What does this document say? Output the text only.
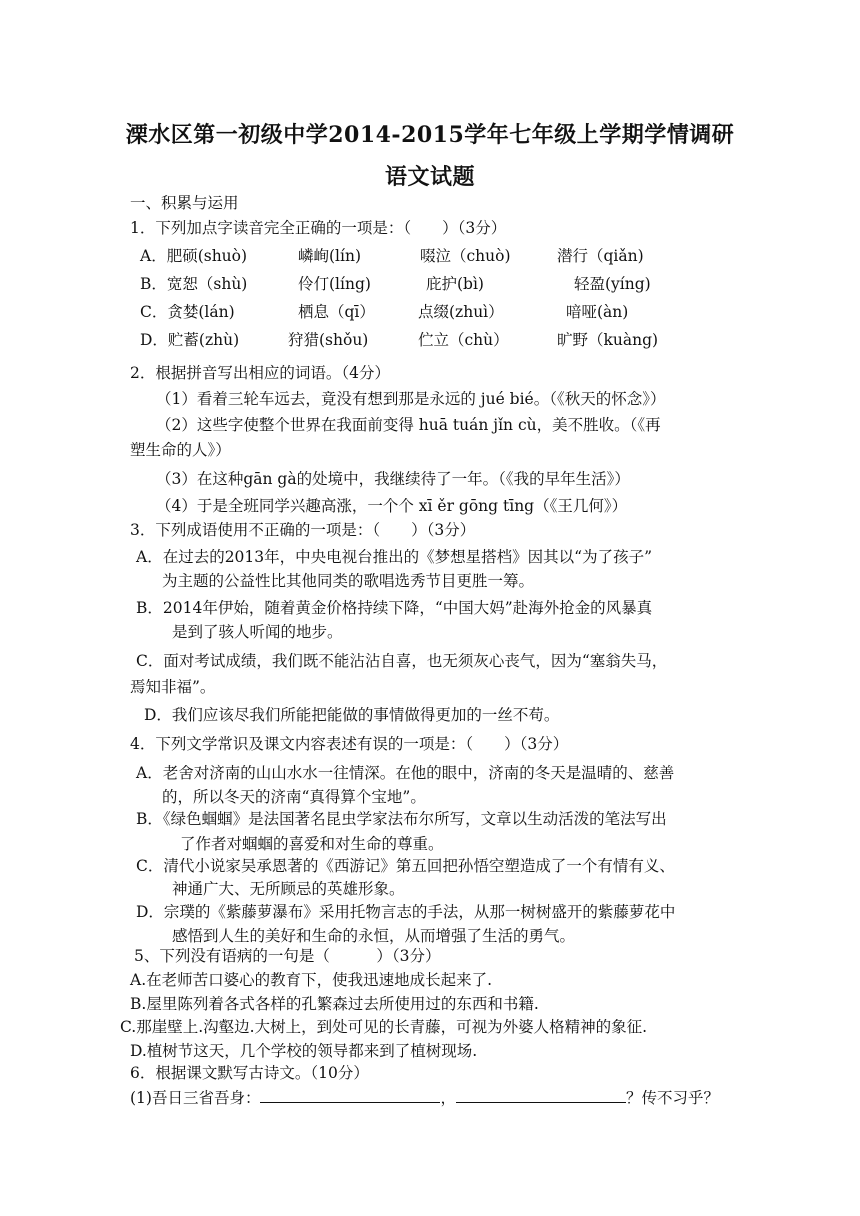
溧水区第一初级中学2014-2015学年七年级上学期学情调研
语文试题
一、积累与运用
1．下列加点字读音完全正确的一项是：（　　）（3分）
A．肥硕(shuò)	嶙峋(lín)	啜泣（chuò)	潜行（qiǎn)
B．宽恕（shù)	伶仃(líng)	庇护(bì)	轻盈(yíng)
C．贪婪(lán)	栖息（qī）	点缀(zhuì）	喑哑(àn)
D．贮蓄(zhù)	狩猎(shǒu)	伫立（chù）	旷野（kuàng)
2．根据拼音写出相应的词语。（4分）
（1）看着三轮车远去，竟没有想到那是永远的 jué bié。（《秋天的怀念》）
（2）这些字使整个世界在我面前变得 huā tuán jǐn cù，美不胜收。（《再
塑生命的人》）
（3）在这种gān gà的处境中，我继续待了一年。（《我的早年生活》）
（4）于是全班同学兴趣高涨，一个个 xī ěr gōng tīng（《王几何》）
3．下列成语使用不正确的一项是：（　　）（3分）
A．在过去的2013年，中央电视台推出的《梦想星搭档》因其以“为了孩子”
为主题的公益性比其他同类的歌唱选秀节目更胜一筹。
B．2014年伊始，随着黄金价格持续下降，“中国大妈”赴海外抢金的风暴真
是到了骇人听闻的地步。
C．面对考试成绩，我们既不能沾沾自喜，也无须灰心丧气，因为“塞翁失马，
焉知非福”。
D．我们应该尽我们所能把能做的事情做得更加的一丝不苟。
4．下列文学常识及课文内容表述有误的一项是：（　　）（3分）
A．老舍对济南的山山水水一往情深。在他的眼中，济南的冬天是温晴的、慈善
的，所以冬天的济南“真得算个宝地”。
B．《绿色蝈蝈》是法国著名昆虫学家法布尔所写，文章以生动活泼的笔法写出
了作者对蝈蝈的喜爱和对生命的尊重。
C．清代小说家吴承恩著的《西游记》第五回把孙悟空塑造成了一个有情有义、
神通广大、无所顾忌的英雄形象。
D．宗璞的《紫藤萝瀑布》采用托物言志的手法，从那一树树盛开的紫藤萝花中
感悟到人生的美好和生命的永恒，从而增强了生活的勇气。
5、下列没有语病的一句是（　　　）（3分）
A.在老师苦口婆心的教育下，使我迅速地成长起来了.
B.屋里陈列着各式各样的孔繁森过去所使用过的东西和书籍.
C.那崖壁上.沟壑边.大树上，到处可见的长青藤，可视为外婆人格精神的象征.
D.植树节这天，几个学校的领导都来到了植树现场.
6．根据课文默写古诗文。（10分）
(1)吾日三省吾身：	，	？传不习乎？
